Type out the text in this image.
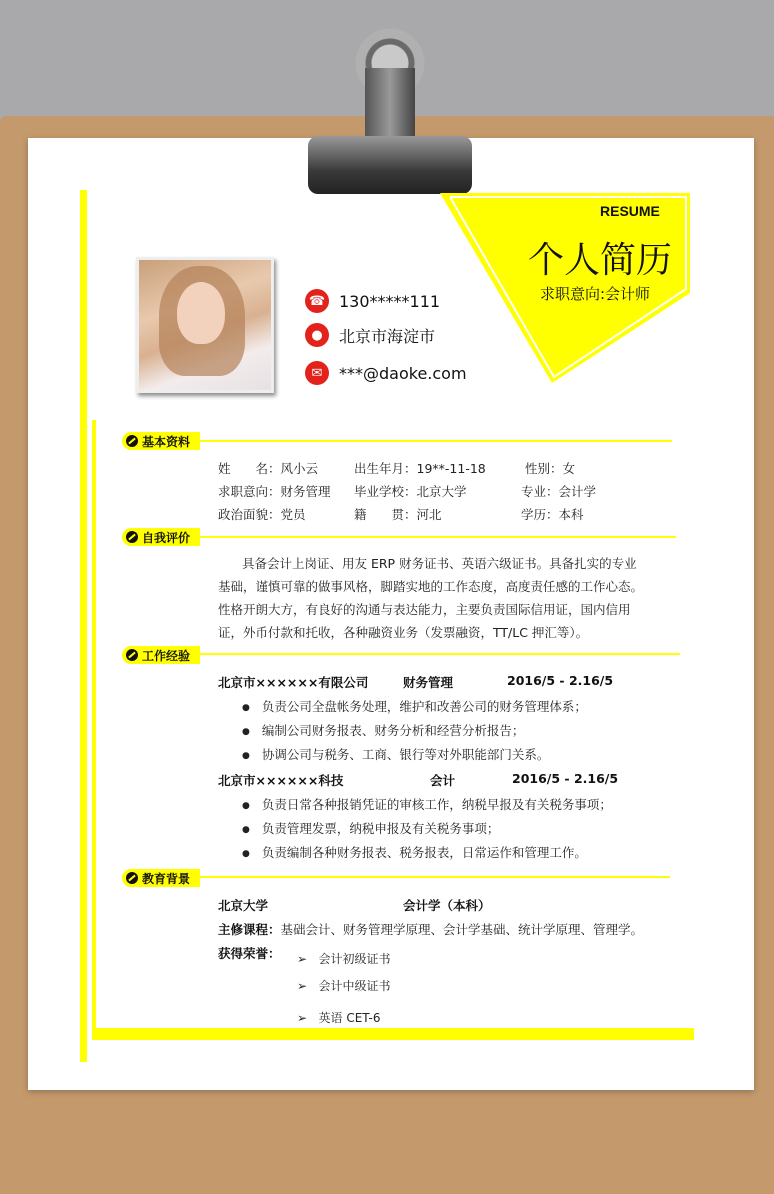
RESUME
个人简历
求职意向:会计师
☎ 130*****111
●	北京市海淀市
✉	***@daoke.com
基本资料
姓　　名：风小云	出生年月：19**-11-18	性别：女
求职意向：财务管理 毕业学校：北京大学	专业：会计学
政治面貌：党员	籍　　贯：河北	学历：本科
自我评价
具备会计上岗证、用友 ERP 财务证书、英语六级证书。具备扎实的专业
基础，谨慎可靠的做事风格，脚踏实地的工作态度，高度责任感的工作心态。
性格开朗大方，有良好的沟通与表达能力，主要负责国际信用证，国内信用
证，外币付款和托收，各种融资业务（发票融资，TT/LC 押汇等）。
工作经验
北京市××××××有限公司	财务管理	2016/5 - 2.16/5
● 负责公司全盘帐务处理，维护和改善公司的财务管理体系；
● 编制公司财务报表、财务分析和经营分析报告；
● 协调公司与税务、工商、银行等对外职能部门关系。
北京市××××××科技	会计	2016/5 - 2.16/5
● 负责日常各种报销凭证的审核工作，纳税早报及有关税务事项；
● 负责管理发票，纳税申报及有关税务事项；
● 负责编制各种财务报表、税务报表，日常运作和管理工作。
教育背景
北京大学	会计学（本科）
主修课程：基础会计、财务管理学原理、会计学基础、统计学原理、管理学。
获得荣誉： ➢   会计初级证书
➢   会计中级证书
➢   英语 CET-6
